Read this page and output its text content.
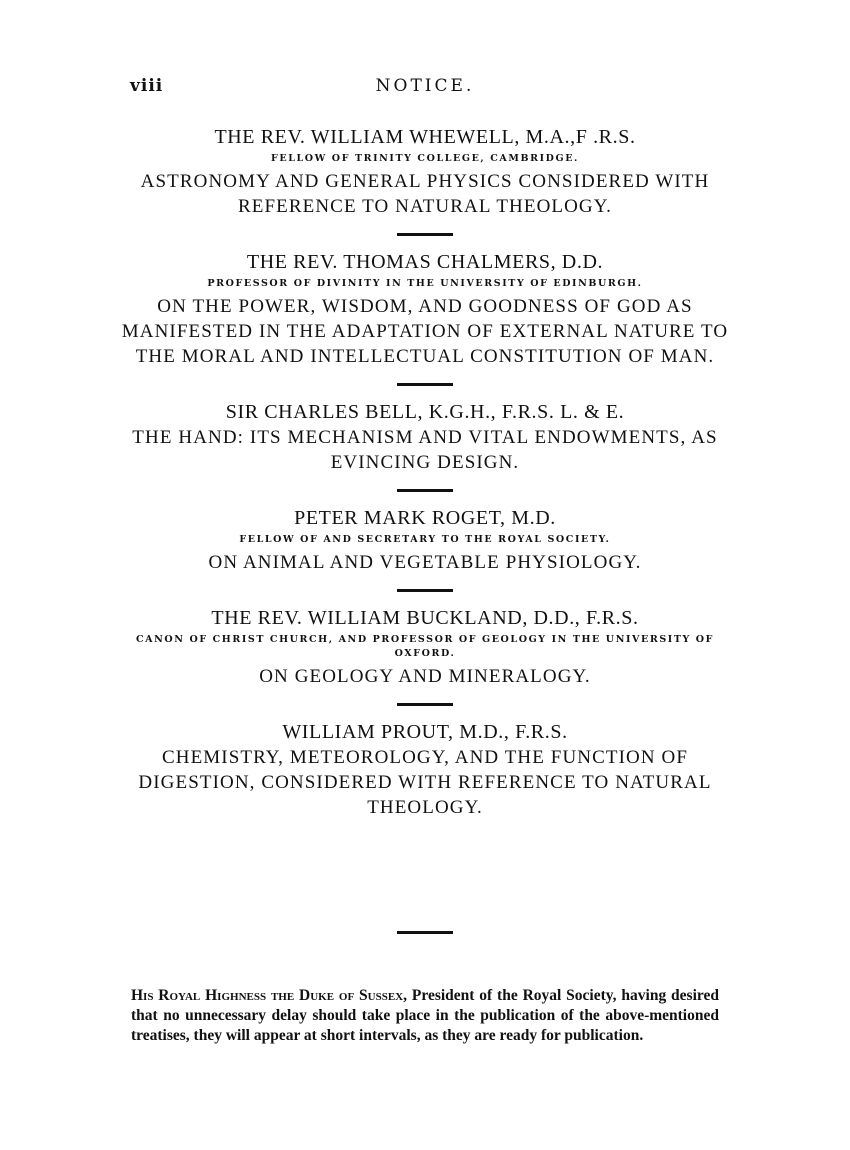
viii	NOTICE.
THE REV. WILLIAM WHEWELL, M.A.,F .R.S.
FELLOW OF TRINITY COLLEGE, CAMBRIDGE.
ASTRONOMY AND GENERAL PHYSICS CONSIDERED WITH REFERENCE TO NATURAL THEOLOGY.
THE REV. THOMAS CHALMERS, D.D.
PROFESSOR OF DIVINITY IN THE UNIVERSITY OF EDINBURGH.
ON THE POWER, WISDOM, AND GOODNESS OF GOD AS MANIFESTED IN THE ADAPTATION OF EXTERNAL NATURE TO THE MORAL AND INTELLECTUAL CONSTITUTION OF MAN.
SIR CHARLES BELL, K.G.H., F.R.S. L. & E.
THE HAND: ITS MECHANISM AND VITAL ENDOWMENTS, AS EVINCING DESIGN.
PETER MARK ROGET, M.D.
FELLOW OF AND SECRETARY TO THE ROYAL SOCIETY.
ON ANIMAL AND VEGETABLE PHYSIOLOGY.
THE REV. WILLIAM BUCKLAND, D.D., F.R.S.
CANON OF CHRIST CHURCH, AND PROFESSOR OF GEOLOGY IN THE UNIVERSITY OF OXFORD.
ON GEOLOGY AND MINERALOGY.
WILLIAM PROUT, M.D., F.R.S.
CHEMISTRY, METEOROLOGY, AND THE FUNCTION OF DIGESTION, CONSIDERED WITH REFERENCE TO NATURAL THEOLOGY.

His Royal Highness the Duke of Sussex, President of the Royal Society, having desired that no unnecessary delay should take place in the publication of the above-mentioned treatises, they will appear at short intervals, as they are ready for publication.
